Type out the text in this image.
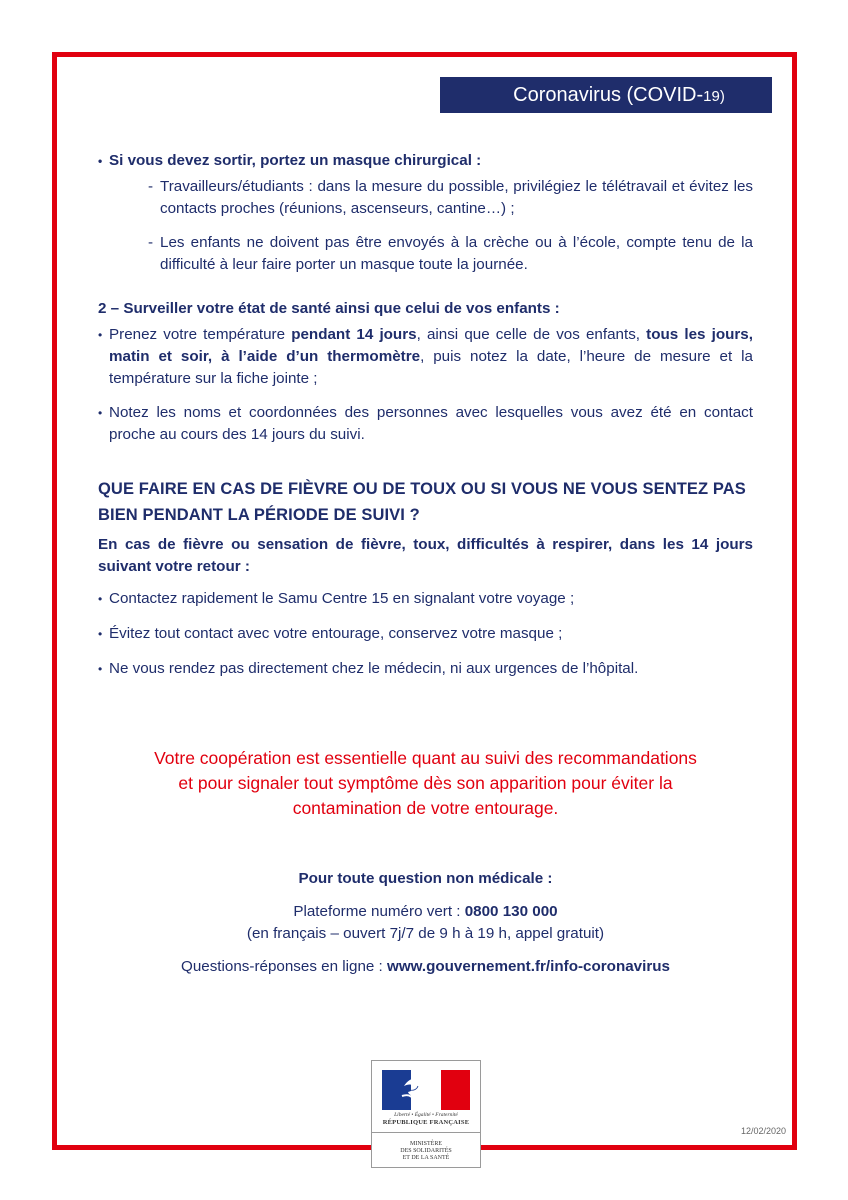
Coronavirus (COVID-19)

• Si vous devez sortir, portez un masque chirurgical :

- Travailleurs/étudiants : dans la mesure du possible, privilégiez le télétravail et évitez les contacts proches (réunions, ascenseurs, cantine…) ;

- Les enfants ne doivent pas être envoyés à la crèche ou à l’école, compte tenu de la difficulté à leur faire porter un masque toute la journée.

2 – Surveiller votre état de santé ainsi que celui de vos enfants :

• Prenez votre température pendant 14 jours, ainsi que celle de vos enfants, tous les jours, matin et soir, à l’aide d’un thermomètre, puis notez la date, l’heure de mesure et la température sur la fiche jointe ;

• Notez les noms et coordonnées des personnes avec lesquelles vous avez été en contact proche au cours des 14 jours du suivi.

QUE FAIRE EN CAS DE FIÈVRE OU DE TOUX OU SI VOUS NE VOUS SENTEZ PAS BIEN PENDANT LA PÉRIODE DE SUIVI ?

En cas de fièvre ou sensation de fièvre, toux, difficultés à respirer, dans les 14 jours suivant votre retour :

• Contactez rapidement le Samu Centre 15 en signalant votre voyage ;

• Évitez tout contact avec votre entourage, conservez votre masque ;

• Ne vous rendez pas directement chez le médecin, ni aux urgences de l’hôpital.

Votre coopération est essentielle quant au suivi des recommandations
et pour signaler tout symptôme dès son apparition pour éviter la
contamination de votre entourage.
Pour toute question non médicale :
Plateforme numéro vert : 0800 130 000
(en français – ouvert 7j/7 de 9 h à 19 h, appel gratuit)
Questions-réponses en ligne : www.gouvernement.fr/info-coronavirus
Liberté • Égalité • Fraternité
RÉPUBLIQUE FRANÇAISE
MINISTÈRE
DES SOLIDARITÉS
ET DE LA SANTÉ
12/02/2020
